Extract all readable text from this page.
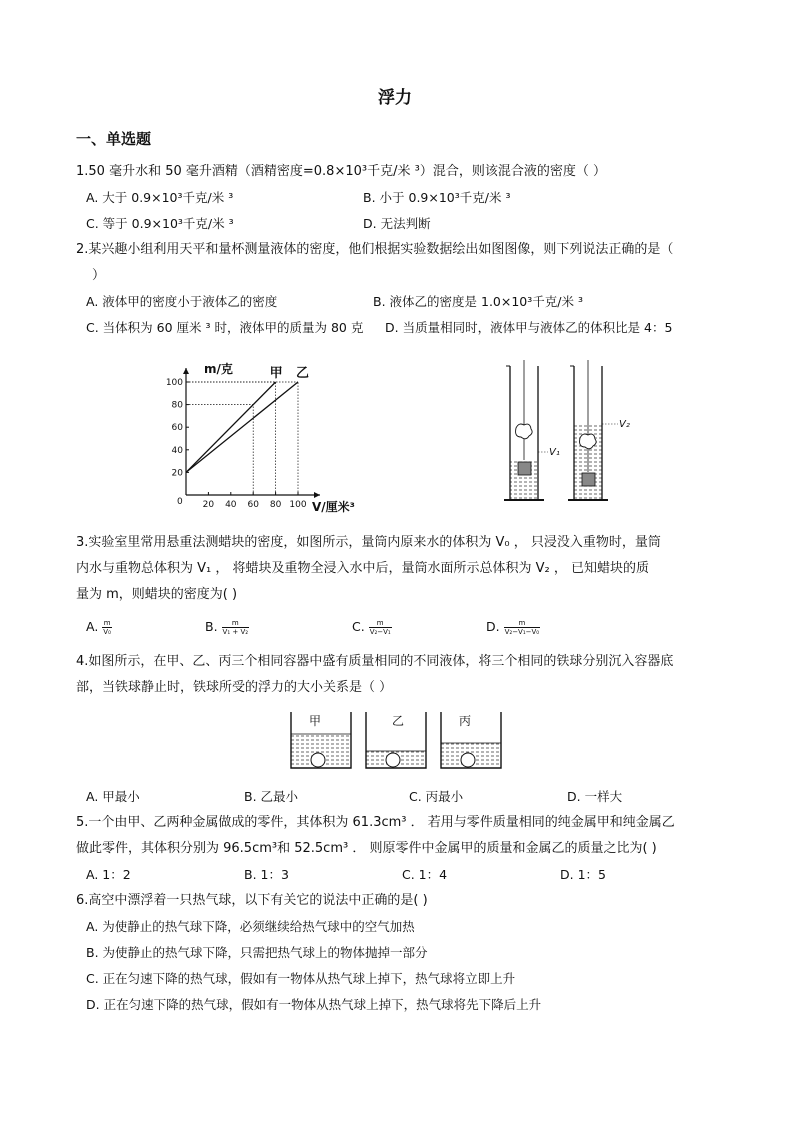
浮力
一、单选题
1.50 毫升水和 50 毫升酒精（酒精密度=0.8×10³千克/米 ³）混合，则该混合液的密度（ ）
A. 大于 0.9×10³千克/米 ³	B. 小于 0.9×10³千克/米 ³
C. 等于 0.9×10³千克/米 ³	D. 无法判断
2.某兴趣小组利用天平和量杯测量液体的密度，他们根据实验数据绘出如图图像，则下列说法正确的是（
）
A. 液体甲的密度小于液体乙的密度	B. 液体乙的密度是 1.0×10³千克/米 ³
C. 当体积为 60 厘米 ³ 时，液体甲的质量为 80 克 D. 当质量相同时，液体甲与液体乙的体积比是 4：5
20 40 60 80 100
20
40
60
80
100
甲 乙
m/克
V/厘米³
0
V₁
V₂
3.实验室里常用悬重法测蜡块的密度，如图所示，量筒内原来水的体积为 V₀ ， 只浸没入重物时，量筒
内水与重物总体积为 V₁ ， 将蜡块及重物全浸入水中后，量筒水面所示总体积为 V₂ ， 已知蜡块的质
量为 m，则蜡块的密度为( )
A. $\frac{m}{\text{V₀}}$	B. $\frac{m}{\text{V₁ + V₂}}$	C. $\frac{m}{\text{V₂−V₁}}$	D. $\frac{m}{\text{V₂−V₁−V₀}}$
4.如图所示，在甲、乙、丙三个相同容器中盛有质量相同的不同液体，将三个相同的铁球分别沉入容器底
部，当铁球静止时，铁球所受的浮力的大小关系是（ ）
甲	乙	丙
A. 甲最小	B. 乙最小	C. 丙最小	D. 一样大
5.一个由甲、乙两种金属做成的零件，其体积为 61.3cm³ ． 若用与零件质量相同的纯金属甲和纯金属乙
做此零件，其体积分别为 96.5cm³和 52.5cm³ ． 则原零件中金属甲的质量和金属乙的质量之比为( )
A. 1：2	B. 1：3	C. 1：4	D. 1：5
6.高空中漂浮着一只热气球，以下有关它的说法中正确的是( )
A. 为使静止的热气球下降，必须继续给热气球中的空气加热
B. 为使静止的热气球下降，只需把热气球上的物体抛掉一部分
C. 正在匀速下降的热气球，假如有一物体从热气球上掉下，热气球将立即上升
D. 正在匀速下降的热气球，假如有一物体从热气球上掉下，热气球将先下降后上升
